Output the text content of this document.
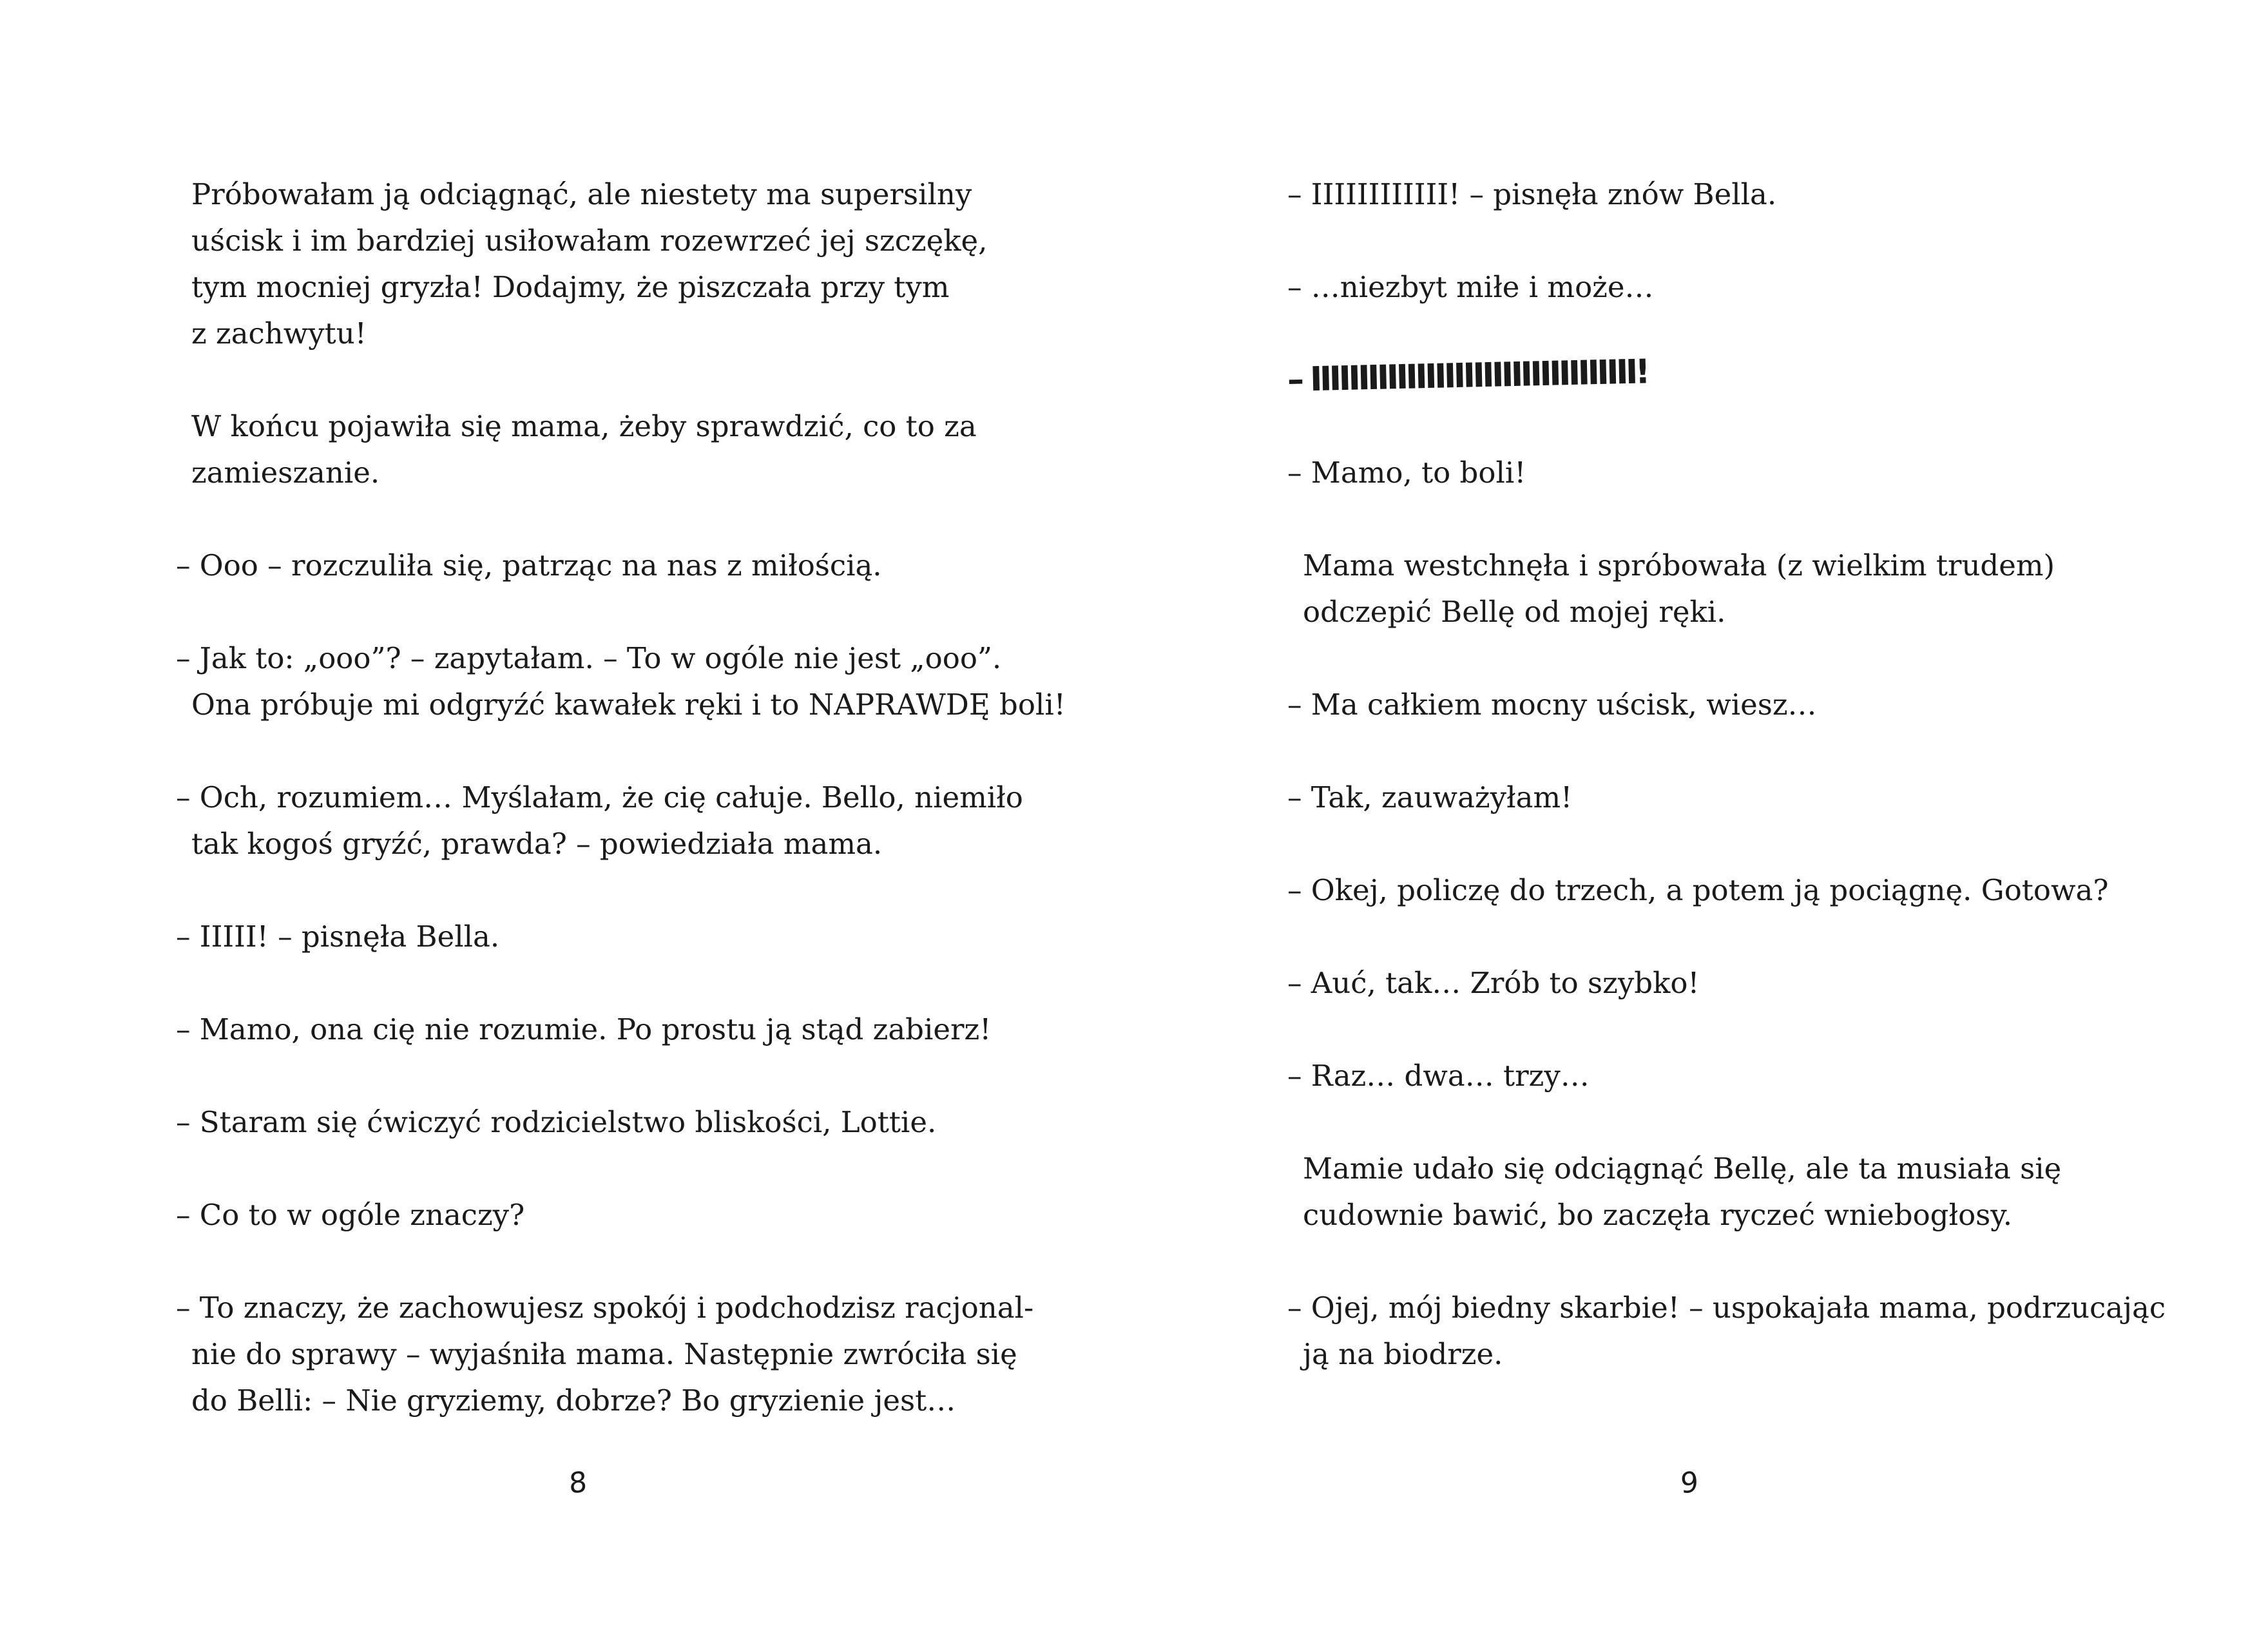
Próbowałam ją odciągnąć, ale niestety ma supersilny
uścisk i im bardziej usiłowałam rozewrzeć jej szczękę,
tym mocniej gryzła! Dodajmy, że piszczała przy tym
z zachwytu!
W końcu pojawiła się mama, żeby sprawdzić, co to za
zamieszanie.
– Ooo – rozczuliła się, patrząc na nas z miłością.
– Jak to: „ooo”? – zapytałam. – To w ogóle nie jest „ooo”.
Ona próbuje mi odgryźć kawałek ręki i to NAPRAWDĘ boli!
– Och, rozumiem… Myślałam, że cię całuje. Bello, niemiło
tak kogoś gryźć, prawda? – powiedziała mama.
– IIIII! – pisnęła Bella.
– Mamo, ona cię nie rozumie. Po prostu ją stąd zabierz!
– Staram się ćwiczyć rodzicielstwo bliskości, Lottie.
– Co to w ogóle znaczy?
– To znaczy, że zachowujesz spokój i podchodzisz racjonal-
nie do sprawy – wyjaśniła mama. Następnie zwróciła się
do Belli: – Nie gryziemy, dobrze? Bo gryzienie jest…
– IIIIIIIIIIII! – pisnęła znów Bella.
– …niezbyt miłe i może…
– IIIIIIIIIIIIIIIIIIIIIIIIIIIIIIIIII!
– Mamo, to boli!
Mama westchnęła i spróbowała (z wielkim trudem)
odczepić Bellę od mojej ręki.
– Ma całkiem mocny uścisk, wiesz…
– Tak, zauważyłam!
– Okej, policzę do trzech, a potem ją pociągnę. Gotowa?
– Auć, tak… Zrób to szybko!
– Raz… dwa… trzy…
Mamie udało się odciągnąć Bellę, ale ta musiała się
cudownie bawić, bo zaczęła ryczeć wniebogłosy.
– Ojej, mój biedny skarbie! – uspokajała mama, podrzucając
ją na biodrze.
8	9
